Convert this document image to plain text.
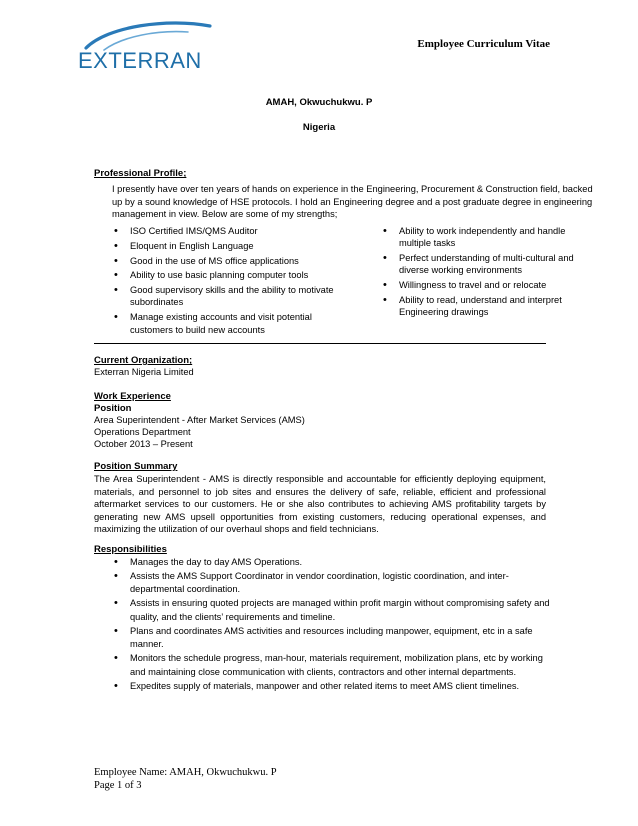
EXTERRAN
Employee Curriculum Vitae
AMAH, Okwuchukwu. P
Nigeria
Professional Profile;
I presently have over ten years of hands on experience in the Engineering, Procurement & Construction field, backed up by a sound knowledge of HSE protocols. I hold an Engineering degree and a post graduate degree in engineering management in view. Below are some of my strengths;
• ISO Certified IMS/QMS Auditor
• Eloquent in English Language
• Good in the use of MS office applications
• Ability to use basic planning computer tools
• Good supervisory skills and the ability to motivate subordinates
• Manage existing accounts and visit potential customers to build new accounts
• Ability to work independently and handle multiple tasks
• Perfect understanding of multi-cultural and diverse working environments
• Willingness to travel and or relocate
• Ability to read, understand and interpret Engineering drawings
Current Organization;
Exterran Nigeria Limited
Work Experience
Position
Area Superintendent - After Market Services (AMS)
Operations Department
October 2013 – Present
Position Summary
The Area Superintendent - AMS is directly responsible and accountable for efficiently deploying equipment, materials, and personnel to job sites and ensures the delivery of safe, reliable, efficient and professional aftermarket services to our customers. He or she also contributes to achieving AMS profitability targets by generating new AMS upsell opportunities from existing customers, reducing operational expenses, and maximizing the utilization of our overhaul shops and field technicians.
Responsibilities
• Manages the day to day AMS Operations.
• Assists the AMS Support Coordinator in vendor coordination, logistic coordination, and inter-departmental coordination.
• Assists in ensuring quoted projects are managed within profit margin without compromising safety and quality, and the clients’ requirements and timeline.
• Plans and coordinates AMS activities and resources including manpower, equipment, etc in a safe manner.
• Monitors the schedule progress, man-hour, materials requirement, mobilization plans, etc by working and maintaining close communication with clients, contractors and other internal departments.
• Expedites supply of materials, manpower and other related items to meet AMS client timelines.
Employee Name: AMAH, Okwuchukwu. P
Page 1 of 3
